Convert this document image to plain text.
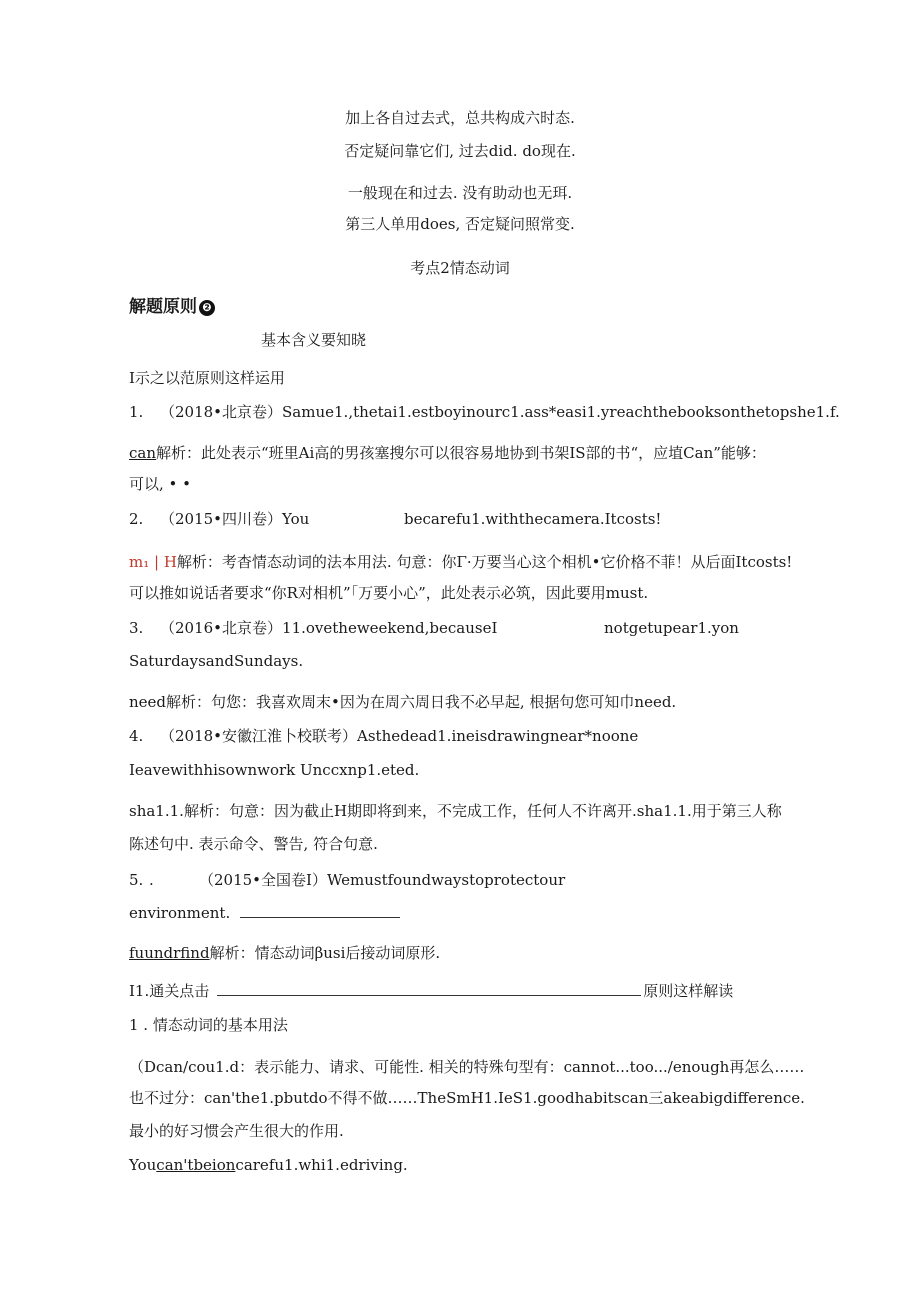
加上各自过去式，总共构成六时态.
否定疑问靠它们, 过去did. do现在.
一般现在和过去. 没有助动也无珥.
第三人单用does, 否定疑问照常变.
考点2情态动词
解题原则 ❷
基本含义要知晓
I示之以范原则这样运用
1. （2018•北京卷）Samue1.,thetai1.estboyinourc1.ass*easi1.yreachthebooksonthetopshe1.f.
can解析：此处表示“班里Ai高的男孩塞搜尔可以很容易地协到书架IS部的书“，应埴Can”能够：
可以, • •
2. （2015•四川卷）You	becarefu1.withthecamera.Itcosts!
m₁ | H解析：考杳情态动词的法本用法. 句意：你Γ·万要当心这个相机•它价格不菲！从后面Itcosts!
可以推如说话者要求“你R对相机”「万要小心”，此处表示必筑，因此要用must.
3. （2016•北京卷）11.ovetheweekend,becauseI	notgetupear1.yon
SaturdaysandSundays.
need解析：句您：我喜欢周末•因为在周六周日我不必早起, 根据句您可知巾need.
4. （2018•安徽江淮卜校联考）Asthedead1.ineisdrawingnear*noone
Ieavewithhisownwork Unccxnp1.eted.
sha1.1.解析：句意：因为截止H期即将到来，不完成工作，任何人不许离开.sha1.1.用于第三人称
陈述句中. 表示命令、警告, 符合句意.
5. .	（2015•全国卷I）Wemustfoundwaystoprotectour
environment.
fuundrfind解析：情态动词βusi后接动词原形.
I1.通关点击	原则这样解读
1 . 情态动词的基本用法
（Dcan/cou1.d：表示能力、请求、可能性. 相关的特殊句型有：cannot...too.../enough再怎么……
也不过分：can'the1.pbutdo不得不做……TheSmH1.IeS1.goodhabitscan三akeabigdifference.
最小的好习惯会产生很大的作用.
Youcan'tbeioncarefu1.whi1.edriving.
